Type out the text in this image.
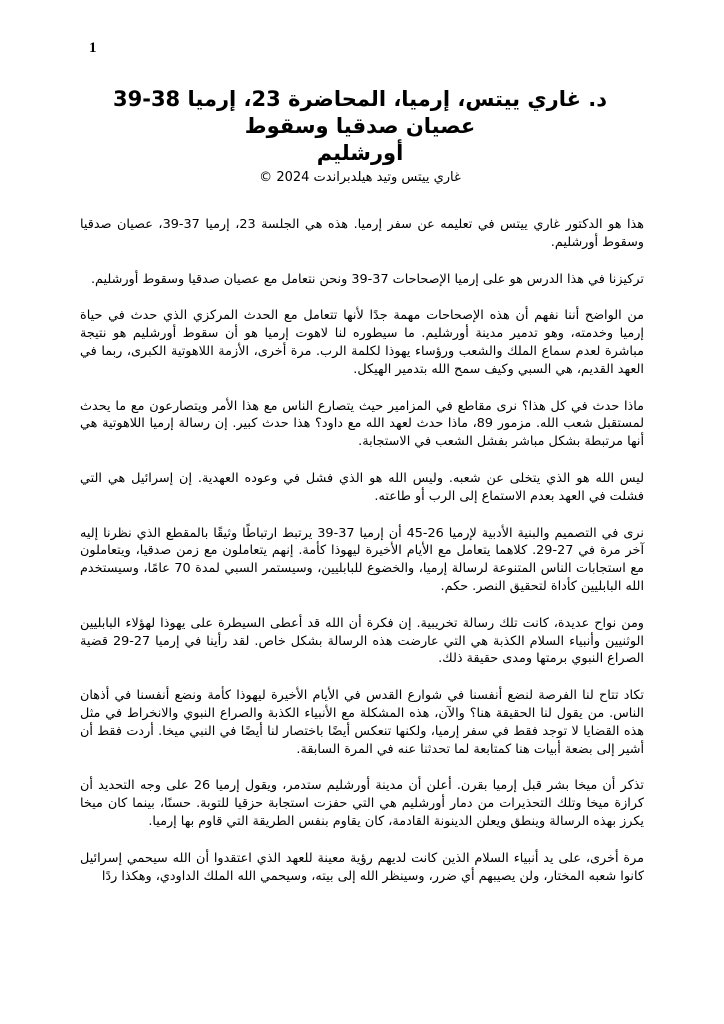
1

د. غاري ييتس، إرميا، المحاضرة 23، إرميا 38-39

عصيان صدقيا وسقوط

أورشليم

غاري ييتس وتيد هيلدبراندت 2024 ©

هذا هو الدكتور غاري ييتس في تعليمه عن سفر إرميا. هذه هي الجلسة 23، إرميا 37-39، عصيان صدقيا وسقوط أورشليم.

تركيزنا في هذا الدرس هو على إرميا الإصحاحات 37-39 ونحن نتعامل مع عصيان صدقيا وسقوط أورشليم.

من الواضح أننا نفهم أن هذه الإصحاحات مهمة جدًا لأنها تتعامل مع الحدث المركزي الذي حدث في حياة إرميا وخدمته، وهو تدمير مدينة أورشليم. ما سيطوره لنا لاهوت إرميا هو أن سقوط أورشليم هو نتيجة مباشرة لعدم سماع الملك والشعب ورؤساء يهوذا لكلمة الرب. مرة أخرى، الأزمة اللاهوتية الكبرى، ربما في العهد القديم، هي السبي وكيف سمح الله بتدمير الهيكل.

ماذا حدث في كل هذا؟ نرى مقاطع في المزامير حيث يتصارع الناس مع هذا الأمر ويتصارعون مع ما يحدث لمستقبل شعب الله. مزمور 89، ماذا حدث لعهد الله مع داود؟ هذا حدث كبير. إن رسالة إرميا اللاهوتية هي أنها مرتبطة بشكل مباشر بفشل الشعب في الاستجابة.

ليس الله هو الذي يتخلى عن شعبه. وليس الله هو الذي فشل في وعوده العهدية. إن إسرائيل هي التي فشلت في العهد بعدم الاستماع إلى الرب أو طاعته.

نرى في التصميم والبنية الأدبية لإرميا 26-45 أن إرميا 37-39 يرتبط ارتباطًا وثيقًا بالمقطع الذي نظرنا إليه آخر مرة في 27-29. كلاهما يتعامل مع الأيام الأخيرة ليهوذا كأمة. إنهم يتعاملون مع زمن صدقيا، ويتعاملون مع استجابات الناس المتنوعة لرسالة إرميا، والخضوع للبابليين، وسيستمر السبي لمدة 70 عامًا، وسيستخدم الله البابليين كأداة لتحقيق النصر. حكم.

ومن نواح عديدة، كانت تلك رسالة تخريبية. إن فكرة أن الله قد أعطى السيطرة على يهوذا لهؤلاء البابليين الوثنيين وأنبياء السلام الكذبة هي التي عارضت هذه الرسالة بشكل خاص. لقد رأينا في إرميا 27-29 قضية الصراع النبوي برمتها ومدى حقيقة ذلك.

تكاد تتاح لنا الفرصة لنضع أنفسنا في شوارع القدس في الأيام الأخيرة ليهوذا كأمة ونضع أنفسنا في أذهان الناس. من يقول لنا الحقيقة هنا؟ والآن، هذه المشكلة مع الأنبياء الكذبة والصراع النبوي والانخراط في مثل هذه القضايا لا توجد فقط في سفر إرميا، ولكنها تنعكس أيضًا باختصار لنا أيضًا في النبي ميخا. أردت فقط أن أشير إلى بضعة أبيات هنا كمتابعة لما تحدثنا عنه في المرة السابقة.

تذكر أن ميخا بشر قبل إرميا بقرن. أعلن أن مدينة أورشليم ستدمر، ويقول إرميا 26 على وجه التحديد أن كرازة ميخا وتلك التحذيرات من دمار أورشليم هي التي حفزت استجابة حزقيا للتوبة. حسنًا، بينما كان ميخا يكرز بهذه الرسالة وينطق ويعلن الدينونة القادمة، كان يقاوم بنفس الطريقة التي قاوم بها إرميا.

مرة أخرى، على يد أنبياء السلام الذين كانت لديهم رؤية معينة للعهد الذي اعتقدوا أن الله سيحمي إسرائيل كانوا شعبه المختار، ولن يصيبهم أي ضرر، وسينظر الله إلى بيته، وسيحمي الله الملك الداودي، وهكذا ردًا
